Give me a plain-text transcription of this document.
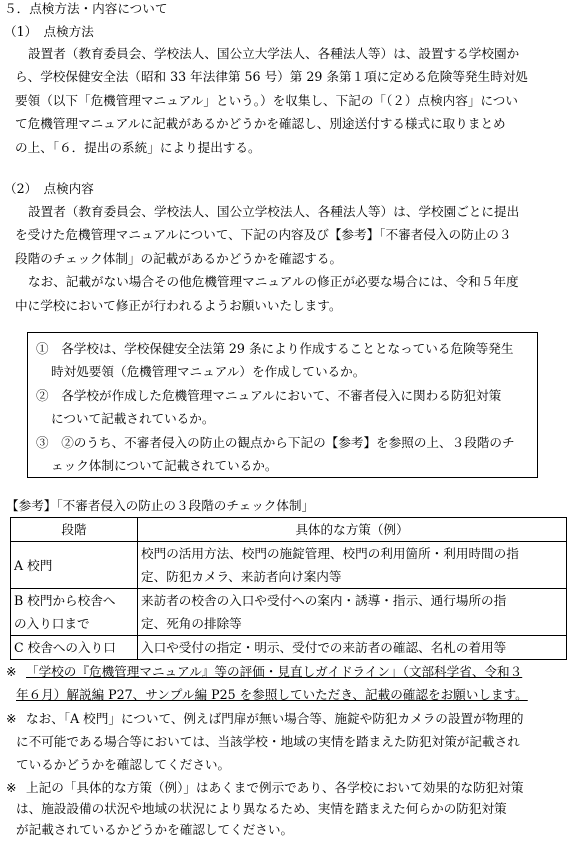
５．点検方法・内容について
（1）　点検方法
設置者（教育委員会、学校法人、国公立大学法人、各種法人等）は、設置する学校園か
ら、学校保健安全法（昭和 33 年法律第 56 号）第 29 条第１項に定める危険等発生時対処
要領（以下「危機管理マニュアル」という。）を収集し、下記の「（２）点検内容」につい
て危機管理マニュアルに記載があるかどうかを確認し、別途送付する様式に取りまとめ
の上、「６．提出の系統」により提出する。
（2）　点検内容
設置者（教育委員会、学校法人、国公立学校法人、各種法人等）は、学校園ごとに提出
を受けた危機管理マニュアルについて、下記の内容及び【参考】「不審者侵入の防止の３
段階のチェック体制」の記載があるかどうかを確認する。
なお、記載がない場合その他危機管理マニュアルの修正が必要な場合には、令和５年度
中に学校において修正が行われるようお願いいたします。
①　各学校は、学校保健安全法第 29 条により作成することとなっている危険等発生
時対処要領（危機管理マニュアル）を作成しているか。
②　各学校が作成した危機管理マニュアルにおいて、不審者侵入に関わる防犯対策
について記載されているか。
③　②のうち、不審者侵入の防止の観点から下記の【参考】を参照の上、３段階のチ
ェック体制について記載されているか。
【参考】「不審者侵入の防止の３段階のチェック体制」
段階	具体的な方策（例）

A 校門	校門の活用方法、校門の施錠管理、校門の利用箇所・利用時間の指
定、防犯カメラ、来訪者向け案内等

B 校門から校舎へ
の入り口まで	来訪者の校舎の入口や受付への案内・誘導・指示、通行場所の指
定、死角の排除等

C 校舎への入り口	入口や受付の指定・明示、受付での来訪者の確認、名札の着用等
※ 「学校の『危機管理マニュアル』等の評価・見直しガイドライン」（文部科学省、令和３
年６月）解説編 P27、サンプル編 P25 を参照していただき、記載の確認をお願いします。
※ なお、「A 校門」について、例えば門扉が無い場合等、施錠や防犯カメラの設置が物理的
に不可能である場合等においては、当該学校・地域の実情を踏まえた防犯対策が記載され
ているかどうかを確認してください。
※ 上記の「具体的な方策（例）」はあくまで例示であり、各学校において効果的な防犯対策
は、施設設備の状況や地域の状況により異なるため、実情を踏まえた何らかの防犯対策
が記載されているかどうかを確認してください。
